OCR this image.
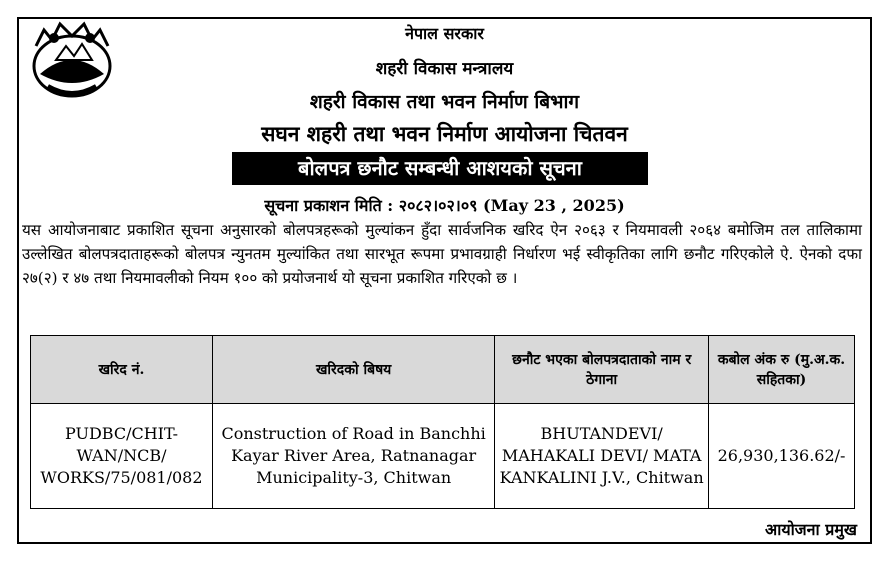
नेपाल सरकार
शहरी विकास मन्त्रालय
शहरी विकास तथा भवन निर्माण बिभाग
सघन शहरी तथा भवन निर्माण आयोजना चितवन
बोलपत्र छनौट सम्बन्धी आशयको सूचना
सूचना प्रकाशन मिति : २०८२।०२।०९ (May 23 , 2025)

यस आयोजनाबाट प्रकाशित सूचना अनुसारको बोलपत्रहरूको मुल्यांकन हुँदा सार्वजनिक खरिद ऐन २०६३ र नियमावली २०६४ बमोजिम तल तालिकामा उल्लेखित बोलपत्रदाताहरूको बोलपत्र न्युनतम मुल्यांकित तथा सारभूत रूपमा प्रभावग्राही निर्धारण भई स्वीकृतिका लागि छनौट गरिएकोले ऐ. ऐनको दफा २७(२) र ४७ तथा नियमावलीको नियम १०० को प्रयोजनार्थ यो सूचना प्रकाशित गरिएको छ ।

खरिद नं.	खरिदको बिषय	छनौट भएका बोलपत्रदाताको नाम र ठेगाना	कबोल अंक रु (मु.अ.क. सहितका)
PUDBC/CHIT-WAN/NCB/ WORKS/75/081/082	Construction of Road in Banchhi Kayar River Area, Ratnanagar Municipality-3, Chitwan	BHUTANDEVI/ MAHAKALI DEVI/ MATA KANKALINI J.V., Chitwan	26,930,136.62/-
आयोजना प्रमुख
